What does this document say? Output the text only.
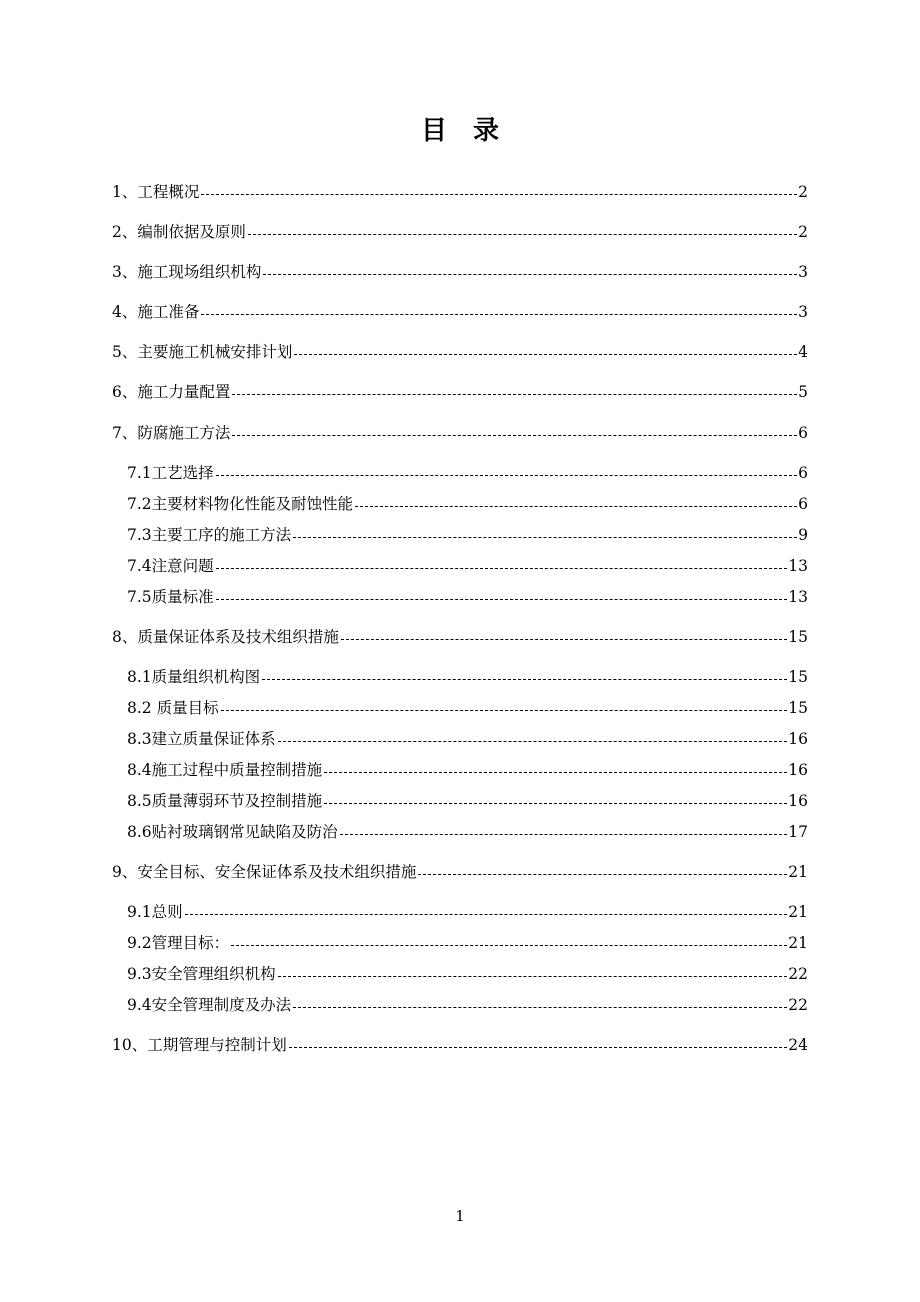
目录
1、工程概况	2
2、编制依据及原则	2
3、施工现场组织机构	3
4、施工准备	3
5、主要施工机械安排计划	4
6、施工力量配置	5
7、防腐施工方法	6
7.1工艺选择	6
7.2主要材料物化性能及耐蚀性能	6
7.3主要工序的施工方法	9
7.4注意问题	13
7.5质量标准	13
8、质量保证体系及技术组织措施	15
8.1质量组织机构图	15
8.2 质量目标	15
8.3建立质量保证体系	16
8.4施工过程中质量控制措施	16
8.5质量薄弱环节及控制措施	16
8.6贴衬玻璃钢常见缺陷及防治	17
9、安全目标、安全保证体系及技术组织措施	21
9.1总则	21
9.2管理目标：	21
9.3安全管理组织机构	22
9.4安全管理制度及办法	22
10、工期管理与控制计划	24
1
